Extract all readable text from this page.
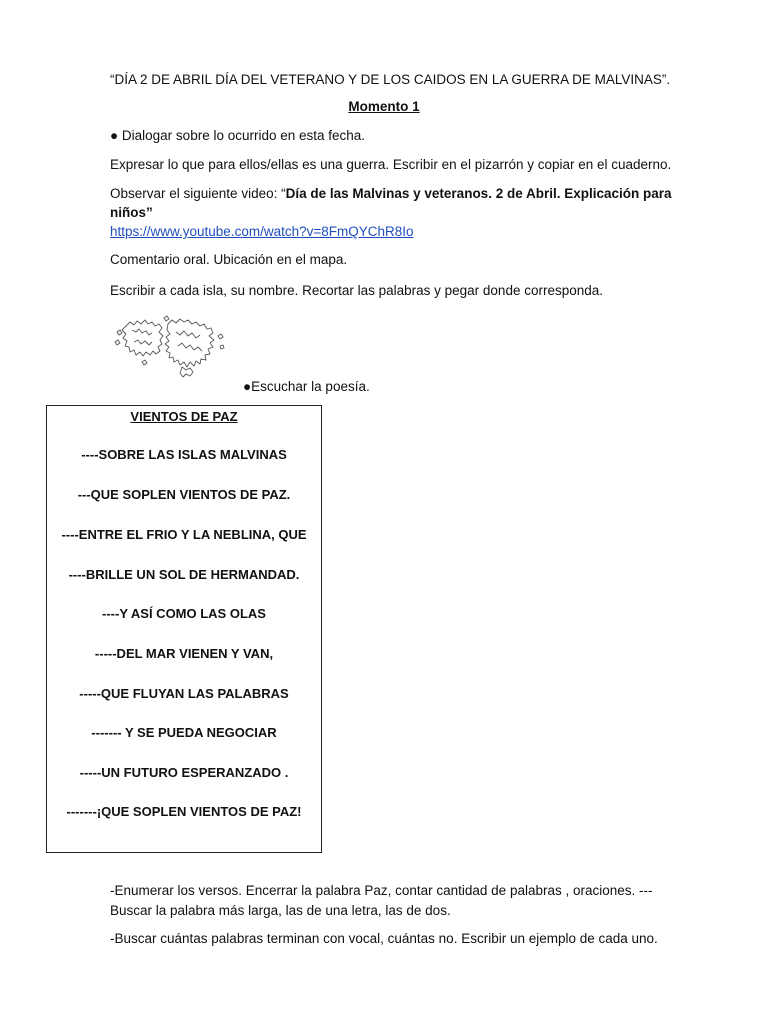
“DÍA 2 DE ABRIL DÍA DEL VETERANO Y DE LOS CAIDOS EN LA GUERRA DE MALVINAS”.
Momento 1
● Dialogar sobre lo ocurrido en esta fecha.
Expresar lo que para ellos/ellas es una guerra. Escribir en el pizarrón y copiar en el cuaderno.
Observar el siguiente video: “Día de las Malvinas y veteranos. 2 de Abril. Explicación para
niños”
https://www.youtube.com/watch?v=8FmQYChR8Io
Comentario oral. Ubicación en el mapa.
Escribir a cada isla, su nombre. Recortar las palabras y pegar donde corresponda.
●Escuchar la poesía.
VIENTOS DE PAZ
----SOBRE LAS ISLAS MALVINAS
---QUE SOPLEN VIENTOS DE PAZ.
----ENTRE EL FRIO Y LA NEBLINA, QUE
----BRILLE UN SOL DE HERMANDAD.
----Y ASÍ COMO LAS OLAS
-----DEL MAR VIENEN Y VAN,
-----QUE FLUYAN LAS PALABRAS
------- Y SE PUEDA NEGOCIAR
-----UN FUTURO ESPERANZADO .
-------¡QUE SOPLEN VIENTOS DE PAZ!
-Enumerar los versos. Encerrar la palabra Paz, contar cantidad de palabras , oraciones. ---
Buscar la palabra más larga, las de una letra, las de dos.
-Buscar cuántas palabras terminan con vocal, cuántas no. Escribir un ejemplo de cada uno.
